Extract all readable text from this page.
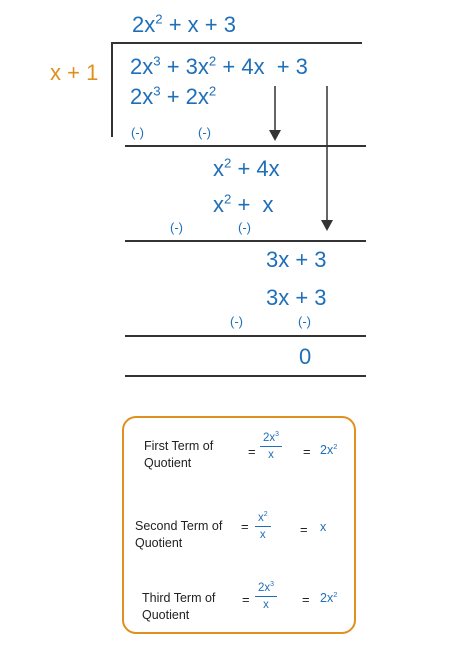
$2x^2 + x + 3$
x + 1 $2x^3 + 3x^2 + 4x + 3$
$2x^3 + 2x^2$
(-)	(-)
$x^2 + 4x$
$x^2 + x$
(-)	(-)
3x + 3
3x + 3
(-)	(-)
0
First Term of
Quotient
= $\frac{2x^3}{x} = 2x^2$
Second Term of
Quotient
= $\frac{x^2}{x} = x$
Third Term of
Quotient
= $\frac{2x^3}{x} = 2x^2$
